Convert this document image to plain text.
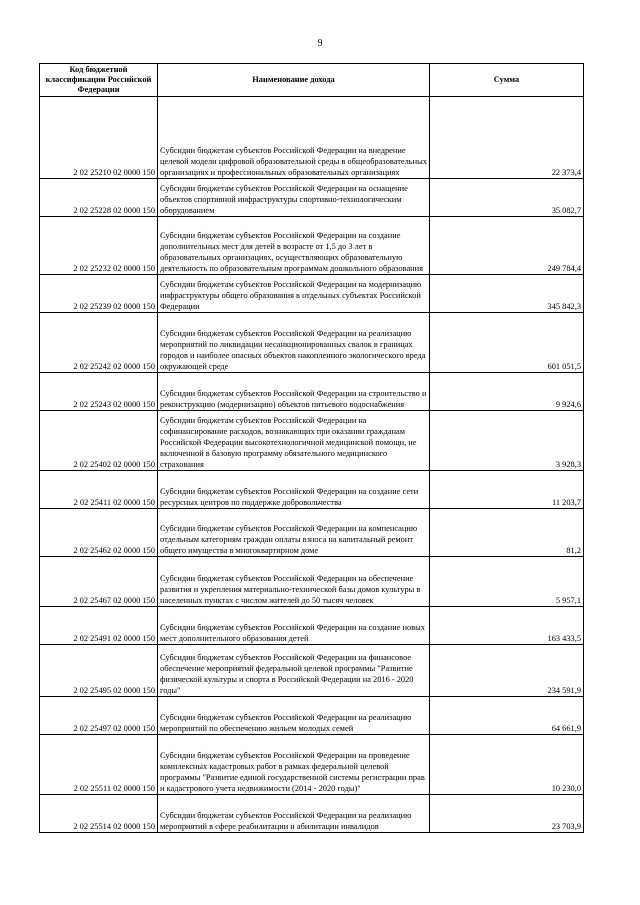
9
Код бюджетной классификации Российской Федерации	Наименование дохода	Сумма
2 02 25210 02 0000 150	Субсидии бюджетам субъектов Российской Федерации на внедрение целевой модели цифровой образовательной среды в общеобразовательных организациях и профессиональных образовательных организациях	22 373,4
2 02 25228 02 0000 150	Субсидии бюджетам субъектов Российской Федерации на оснащение объектов спортивной инфраструктуры спортивно-технологическим оборудованием	35 082,7
2 02 25232 02 0000 150	Субсидии бюджетам субъектов Российской Федерации на создание дополнительных мест для детей в возрасте от 1,5 до 3 лет в образовательных организациях, осуществляющих образовательную деятельность по образовательным программам дошкольного образования	249 784,4
2 02 25239 02 0000 150	Субсидии бюджетам субъектов Российской Федерации на модернизацию инфраструктуры общего образования в отдельных субъектах Российской Федерации	345 842,3
2 02 25242 02 0000 150	Субсидии бюджетам субъектов Российской Федерации на реализацию мероприятий по ликвидации несанкционированных свалок в границах городов и наиболее опасных объектов накопленного экологического вреда окружающей среде	601 051,5
2 02 25243 02 0000 150	Субсидии бюджетам субъектов Российской Федерации на строительство и реконструкцию (модернизацию) объектов питьевого водоснабжения	9 924,6
2 02 25402 02 0000 150	Субсидии бюджетам субъектов Российской Федерации на софинансирование расходов, возникающих при оказании гражданам Российской Федерации высокотехнологичной медицинской помощи, не включенной в базовую программу обязательного медицинского страхования	3 928,3
2 02 25411 02 0000 150	Субсидии бюджетам субъектов Российской Федерации на создание сети ресурсных центров по поддержке добровольчества	11 203,7
2 02 25462 02 0000 150	Субсидии бюджетам субъектов Российской Федерации на компенсацию отдельным категориям граждан оплаты взноса на капитальный ремонт общего имущества в многоквартирном доме	81,2
2 02 25467 02 0000 150	Субсидии бюджетам субъектов Российской Федерации на обеспечение развития и укрепления материально-технической базы домов культуры в населенных пунктах с числом жителей до 50 тысяч человек	5 957,1
2 02 25491 02 0000 150	Субсидии бюджетам субъектов Российской Федерации на создание новых мест дополнительного образования детей	163 433,5
2 02 25495 02 0000 150	Субсидии бюджетам субъектов Российской Федерации на финансовое обеспечение мероприятий федеральной целевой программы "Развитие физической культуры и спорта в Российской Федерации на 2016 - 2020 годы"	234 591,9
2 02 25497 02 0000 150	Субсидии бюджетам субъектов Российской Федерации на реализацию мероприятий по обеспечению жильем молодых семей	64 661,9
2 02 25511 02 0000 150	Субсидии бюджетам субъектов Российской Федерации на проведение комплексных кадастровых работ в рамках федеральной целевой программы "Развитие единой государственной системы регистрации прав и кадастрового учета недвижимости (2014 - 2020 годы)"	10 230,0
2 02 25514 02 0000 150	Субсидии бюджетам субъектов Российской Федерации на реализацию мероприятий в сфере реабилитации и абилитации инвалидов	23 703,9
